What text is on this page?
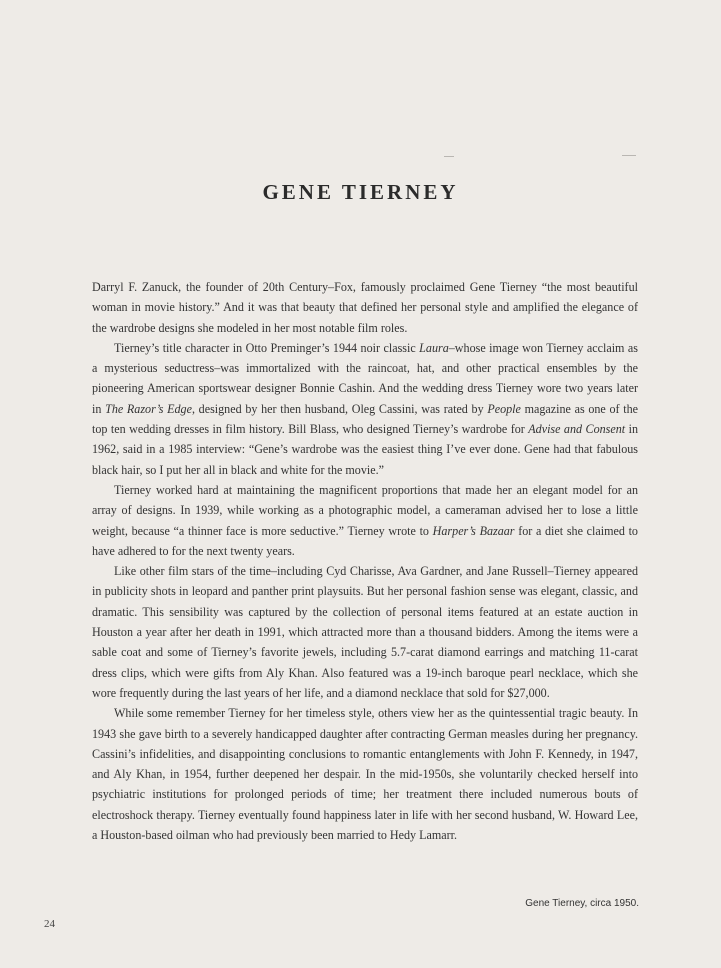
GENE TIERNEY

Darryl F. Zanuck, the founder of 20th Century–Fox, famously proclaimed Gene Tierney “the most beautiful woman in movie history.” And it was that beauty that defined her personal style and amplified the elegance of the wardrobe designs she modeled in her most notable film roles.

Tierney’s title character in Otto Preminger’s 1944 noir classic Laura–whose image won Tierney acclaim as a mysterious seductress–was immortalized with the raincoat, hat, and other practical ensembles by the pioneering American sportswear designer Bonnie Cashin. And the wedding dress Tierney wore two years later in The Razor’s Edge, designed by her then husband, Oleg Cassini, was rated by People magazine as one of the top ten wedding dresses in film history. Bill Blass, who designed Tierney’s wardrobe for Advise and Consent in 1962, said in a 1985 interview: “Gene’s wardrobe was the easiest thing I’ve ever done. Gene had that fabulous black hair, so I put her all in black and white for the movie.”

Tierney worked hard at maintaining the magnificent proportions that made her an elegant model for an array of designs. In 1939, while working as a photographic model, a cameraman advised her to lose a little weight, because “a thinner face is more seductive.” Tierney wrote to Harper’s Bazaar for a diet she claimed to have adhered to for the next twenty years.

Like other film stars of the time–including Cyd Charisse, Ava Gardner, and Jane Russell–Tierney appeared in publicity shots in leopard and panther print playsuits. But her personal fashion sense was elegant, classic, and dramatic. This sensibility was captured by the collection of personal items featured at an estate auction in Houston a year after her death in 1991, which attracted more than a thousand bidders. Among the items were a sable coat and some of Tierney’s favorite jewels, including 5.7-carat diamond earrings and matching 11-carat dress clips, which were gifts from Aly Khan. Also featured was a 19-inch baroque pearl necklace, which she wore frequently during the last years of her life, and a diamond necklace that sold for $27,000.

While some remember Tierney for her timeless style, others view her as the quintessential tragic beauty. In 1943 she gave birth to a severely handicapped daughter after contracting German measles during her pregnancy. Cassini’s infidelities, and disappointing conclusions to romantic entanglements with John F. Kennedy, in 1947, and Aly Khan, in 1954, further deepened her despair. In the mid-1950s, she voluntarily checked herself into psychiatric institutions for prolonged periods of time; her treatment there included numerous bouts of electroshock therapy. Tierney eventually found happiness later in life with her second husband, W. Howard Lee, a Houston-based oilman who had previously been married to Hedy Lamarr.

Gene Tierney, circa 1950.
24
